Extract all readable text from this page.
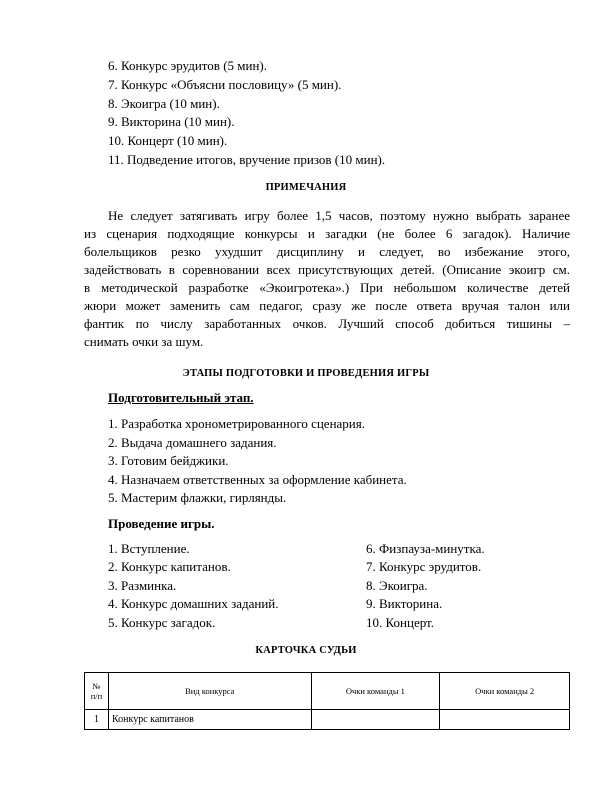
6. Конкурс эрудитов (5 мин).
7. Конкурс «Объясни пословицу» (5 мин).
8. Экоигра (10 мин).
9. Викторина (10 мин).
10. Концерт (10 мин).
11. Подведение итогов, вручение призов (10 мин).
ПРИМЕЧАНИЯ
Не следует затягивать игру более 1,5 часов, поэтому нужно выбрать заранее
из сценария подходящие конкурсы и загадки (не более 6 загадок). Наличие
болельщиков резко ухудшит дисциплину и следует, во избежание этого,
задействовать в соревновании всех присутствующих детей. (Описание экоигр см.
в методической разработке «Экоигротека».) При небольшом количестве детей
жюри может заменить сам педагог, сразу же после ответа вручая талон или
фантик по числу заработанных очков. Лучший способ добиться тишины –
снимать очки за шум.
ЭТАПЫ ПОДГОТОВКИ И ПРОВЕДЕНИЯ ИГРЫ
Подготовительный этап.
1. Разработка хронометрированного сценария.
2. Выдача домашнего задания.
3. Готовим бейджики.
4. Назначаем ответственных за оформление кабинета.
5. Мастерим флажки, гирлянды.
Проведение игры.
1. Вступление.
2. Конкурс капитанов.
3. Разминка.
4. Конкурс домашних заданий.
5. Конкурс загадок.
6. Физпауза-минутка.
7. Конкурс эрудитов.
8. Экоигра.
9. Викторина.
10. Концерт.
КАРТОЧКА СУДЬИ
№ п/п	Вид конкурса	Очки команды 1	Очки команды 2
1	Конкурс капитанов		
